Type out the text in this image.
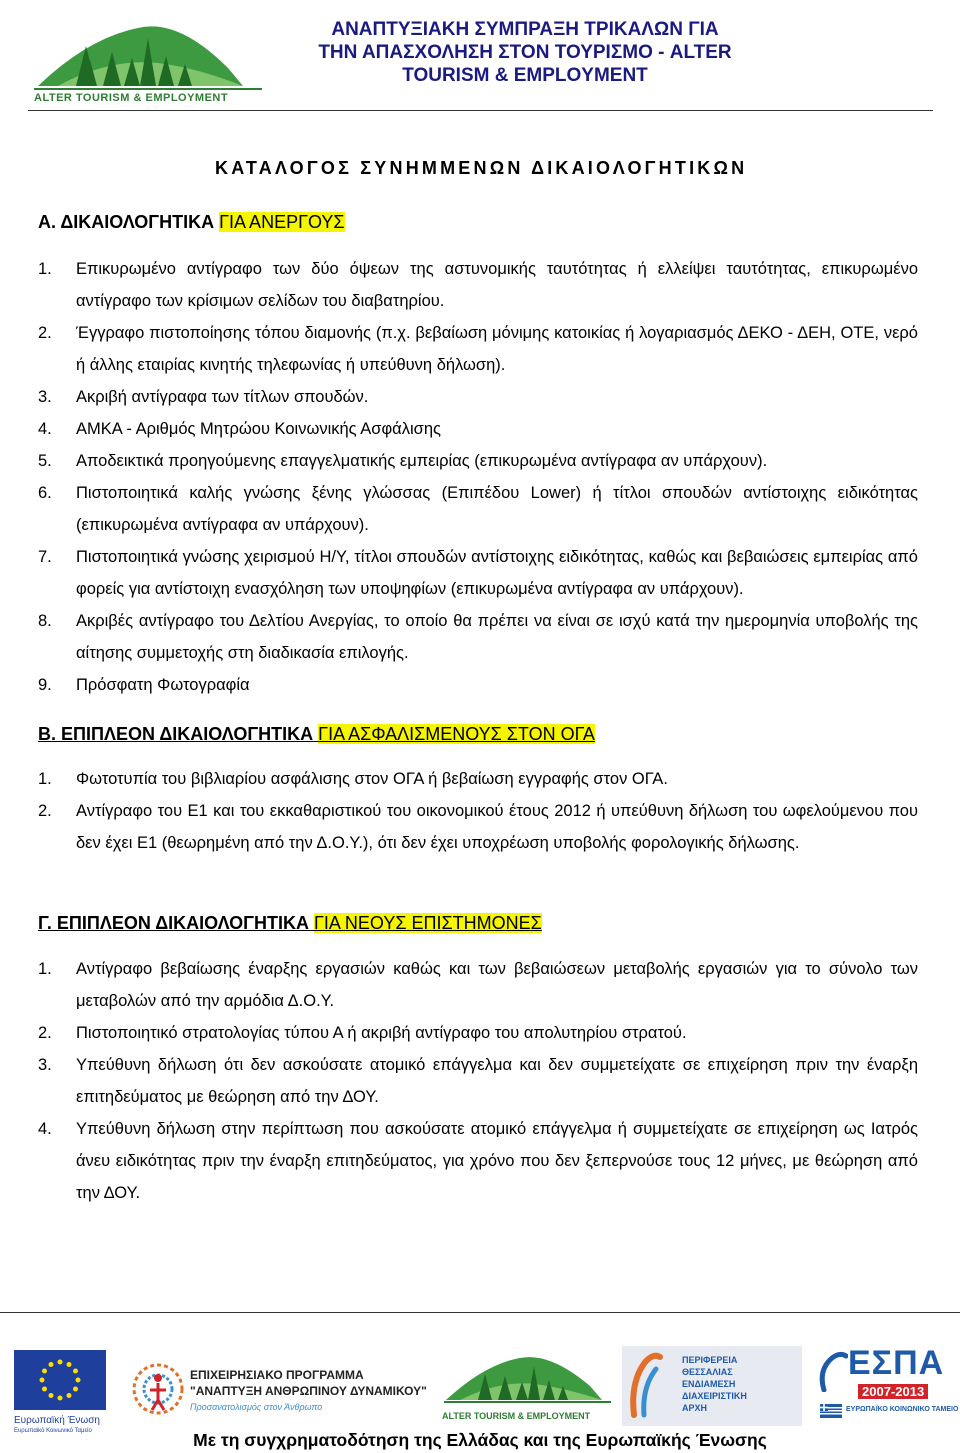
ALTER TOURISM & EMPLOYMENT
ΑΝΑΠΤΥΞΙΑΚΗ ΣΥΜΠΡΑΞΗ ΤΡΙΚΑΛΩΝ ΓΙΑ
ΤΗΝ ΑΠΑΣΧΟΛΗΣΗ ΣΤΟΝ ΤΟΥΡΙΣΜΟ - ALTER
TOURISM & EMPLOYMENT
ΚΑΤΑΛΟΓΟΣ ΣΥΝΗΜΜΕΝΩΝ ΔΙΚΑΙΟΛΟΓΗΤΙΚΩΝ
Α. ΔΙΚΑΙΟΛΟΓΗΤΙΚΑ ΓΙΑ ΑΝΕΡΓΟΥΣ
1.	Επικυρωμένο αντίγραφο των δύο όψεων της αστυνομικής ταυτότητας ή ελλείψει ταυτότητας, επικυρωμένο αντίγραφο των κρίσιμων σελίδων του διαβατηρίου.
2.	Έγγραφο πιστοποίησης τόπου διαμονής (π.χ. βεβαίωση μόνιμης κατοικίας ή λογαριασμός ΔΕΚΟ - ΔΕΗ, ΟΤΕ, νερό ή άλλης εταιρίας κινητής τηλεφωνίας ή υπεύθυνη δήλωση).
3.	Ακριβή αντίγραφα των τίτλων σπουδών.
4.	ΑΜΚΑ - Αριθμός Μητρώου Κοινωνικής Ασφάλισης
5.	Αποδεικτικά προηγούμενης επαγγελματικής εμπειρίας (επικυρωμένα αντίγραφα αν υπάρχουν).
6.	Πιστοποιητικά καλής γνώσης ξένης γλώσσας (Επιπέδου Lower) ή τίτλοι σπουδών αντίστοιχης ειδικότητας (επικυρωμένα αντίγραφα αν υπάρχουν).
7.	Πιστοποιητικά γνώσης χειρισμού Η/Υ, τίτλοι σπουδών αντίστοιχης ειδικότητας, καθώς και βεβαιώσεις εμπειρίας από φορείς για αντίστοιχη ενασχόληση των υποψηφίων (επικυρωμένα αντίγραφα αν υπάρχουν).
8.	Ακριβές αντίγραφο του Δελτίου Ανεργίας, το οποίο θα πρέπει να είναι σε ισχύ κατά την ημερομηνία υποβολής της αίτησης συμμετοχής στη διαδικασία επιλογής.
9.	Πρόσφατη Φωτογραφία
Β. ΕΠΙΠΛΕΟΝ ΔΙΚΑΙΟΛΟΓΗΤΙΚΑ ΓΙΑ ΑΣΦΑΛΙΣΜΕΝΟΥΣ ΣΤΟΝ ΟΓΑ
1.	Φωτοτυπία του βιβλιαρίου ασφάλισης στον ΟΓΑ ή βεβαίωση εγγραφής στον ΟΓΑ.
2.	Αντίγραφο του Ε1 και του εκκαθαριστικού του οικονομικού έτους 2012 ή υπεύθυνη δήλωση του ωφελούμενου που δεν έχει Ε1 (θεωρημένη από την Δ.Ο.Υ.), ότι δεν έχει υποχρέωση υποβολής φορολογικής δήλωσης.
Γ. ΕΠΙΠΛΕΟΝ ΔΙΚΑΙΟΛΟΓΗΤΙΚΑ ΓΙΑ ΝΕΟΥΣ ΕΠΙΣΤΗΜΟΝΕΣ
1.	Αντίγραφο βεβαίωσης έναρξης εργασιών καθώς και των βεβαιώσεων μεταβολής εργασιών για το σύνολο των μεταβολών από την αρμόδια Δ.Ο.Υ.
2.	Πιστοποιητικό στρατολογίας τύπου Α ή ακριβή αντίγραφο του απολυτηρίου στρατού.
3.	Υπεύθυνη δήλωση ότι δεν ασκούσατε ατομικό επάγγελμα και δεν συμμετείχατε σε επιχείρηση πριν την έναρξη επιτηδεύματος με θεώρηση από την ΔΟΥ.
4.	Υπεύθυνη δήλωση στην περίπτωση που ασκούσατε ατομικό επάγγελμα ή συμμετείχατε σε επιχείρηση ως Ιατρός άνευ ειδικότητας πριν την έναρξη επιτηδεύματος, για χρόνο που δεν ξεπερνούσε τους 12 μήνες, με θεώρηση από την ΔΟΥ.
Ευρωπαϊκή Ένωση
Ευρωπαϊκό Κοινωνικό Ταμείο
ΕΠΙΧΕΙΡΗΣΙΑΚΟ ΠΡΟΓΡΑΜΜΑ
"ΑΝΑΠΤΥΞΗ ΑΝΘΡΩΠΙΝΟΥ ΔΥΝΑΜΙΚΟΥ"
Προσανατολισμός στον Άνθρωπο
ALTER TOURISM & EMPLOYMENT
ΠΕΡΙΦΕΡΕΙΑ
ΘΕΣΣΑΛΙΑΣ
ΕΝΔΙΑΜΕΣΗ
ΔΙΑΧΕΙΡΙΣΤΙΚΗ
ΑΡΧΗ
ΕΣΠΑ
2007-2013
ΕΥΡΩΠΑΪΚΟ ΚΟΙΝΩΝΙΚΟ ΤΑΜΕΙΟ
Με τη συγχρηματοδότηση της Ελλάδας και της Ευρωπαϊκής Ένωσης
